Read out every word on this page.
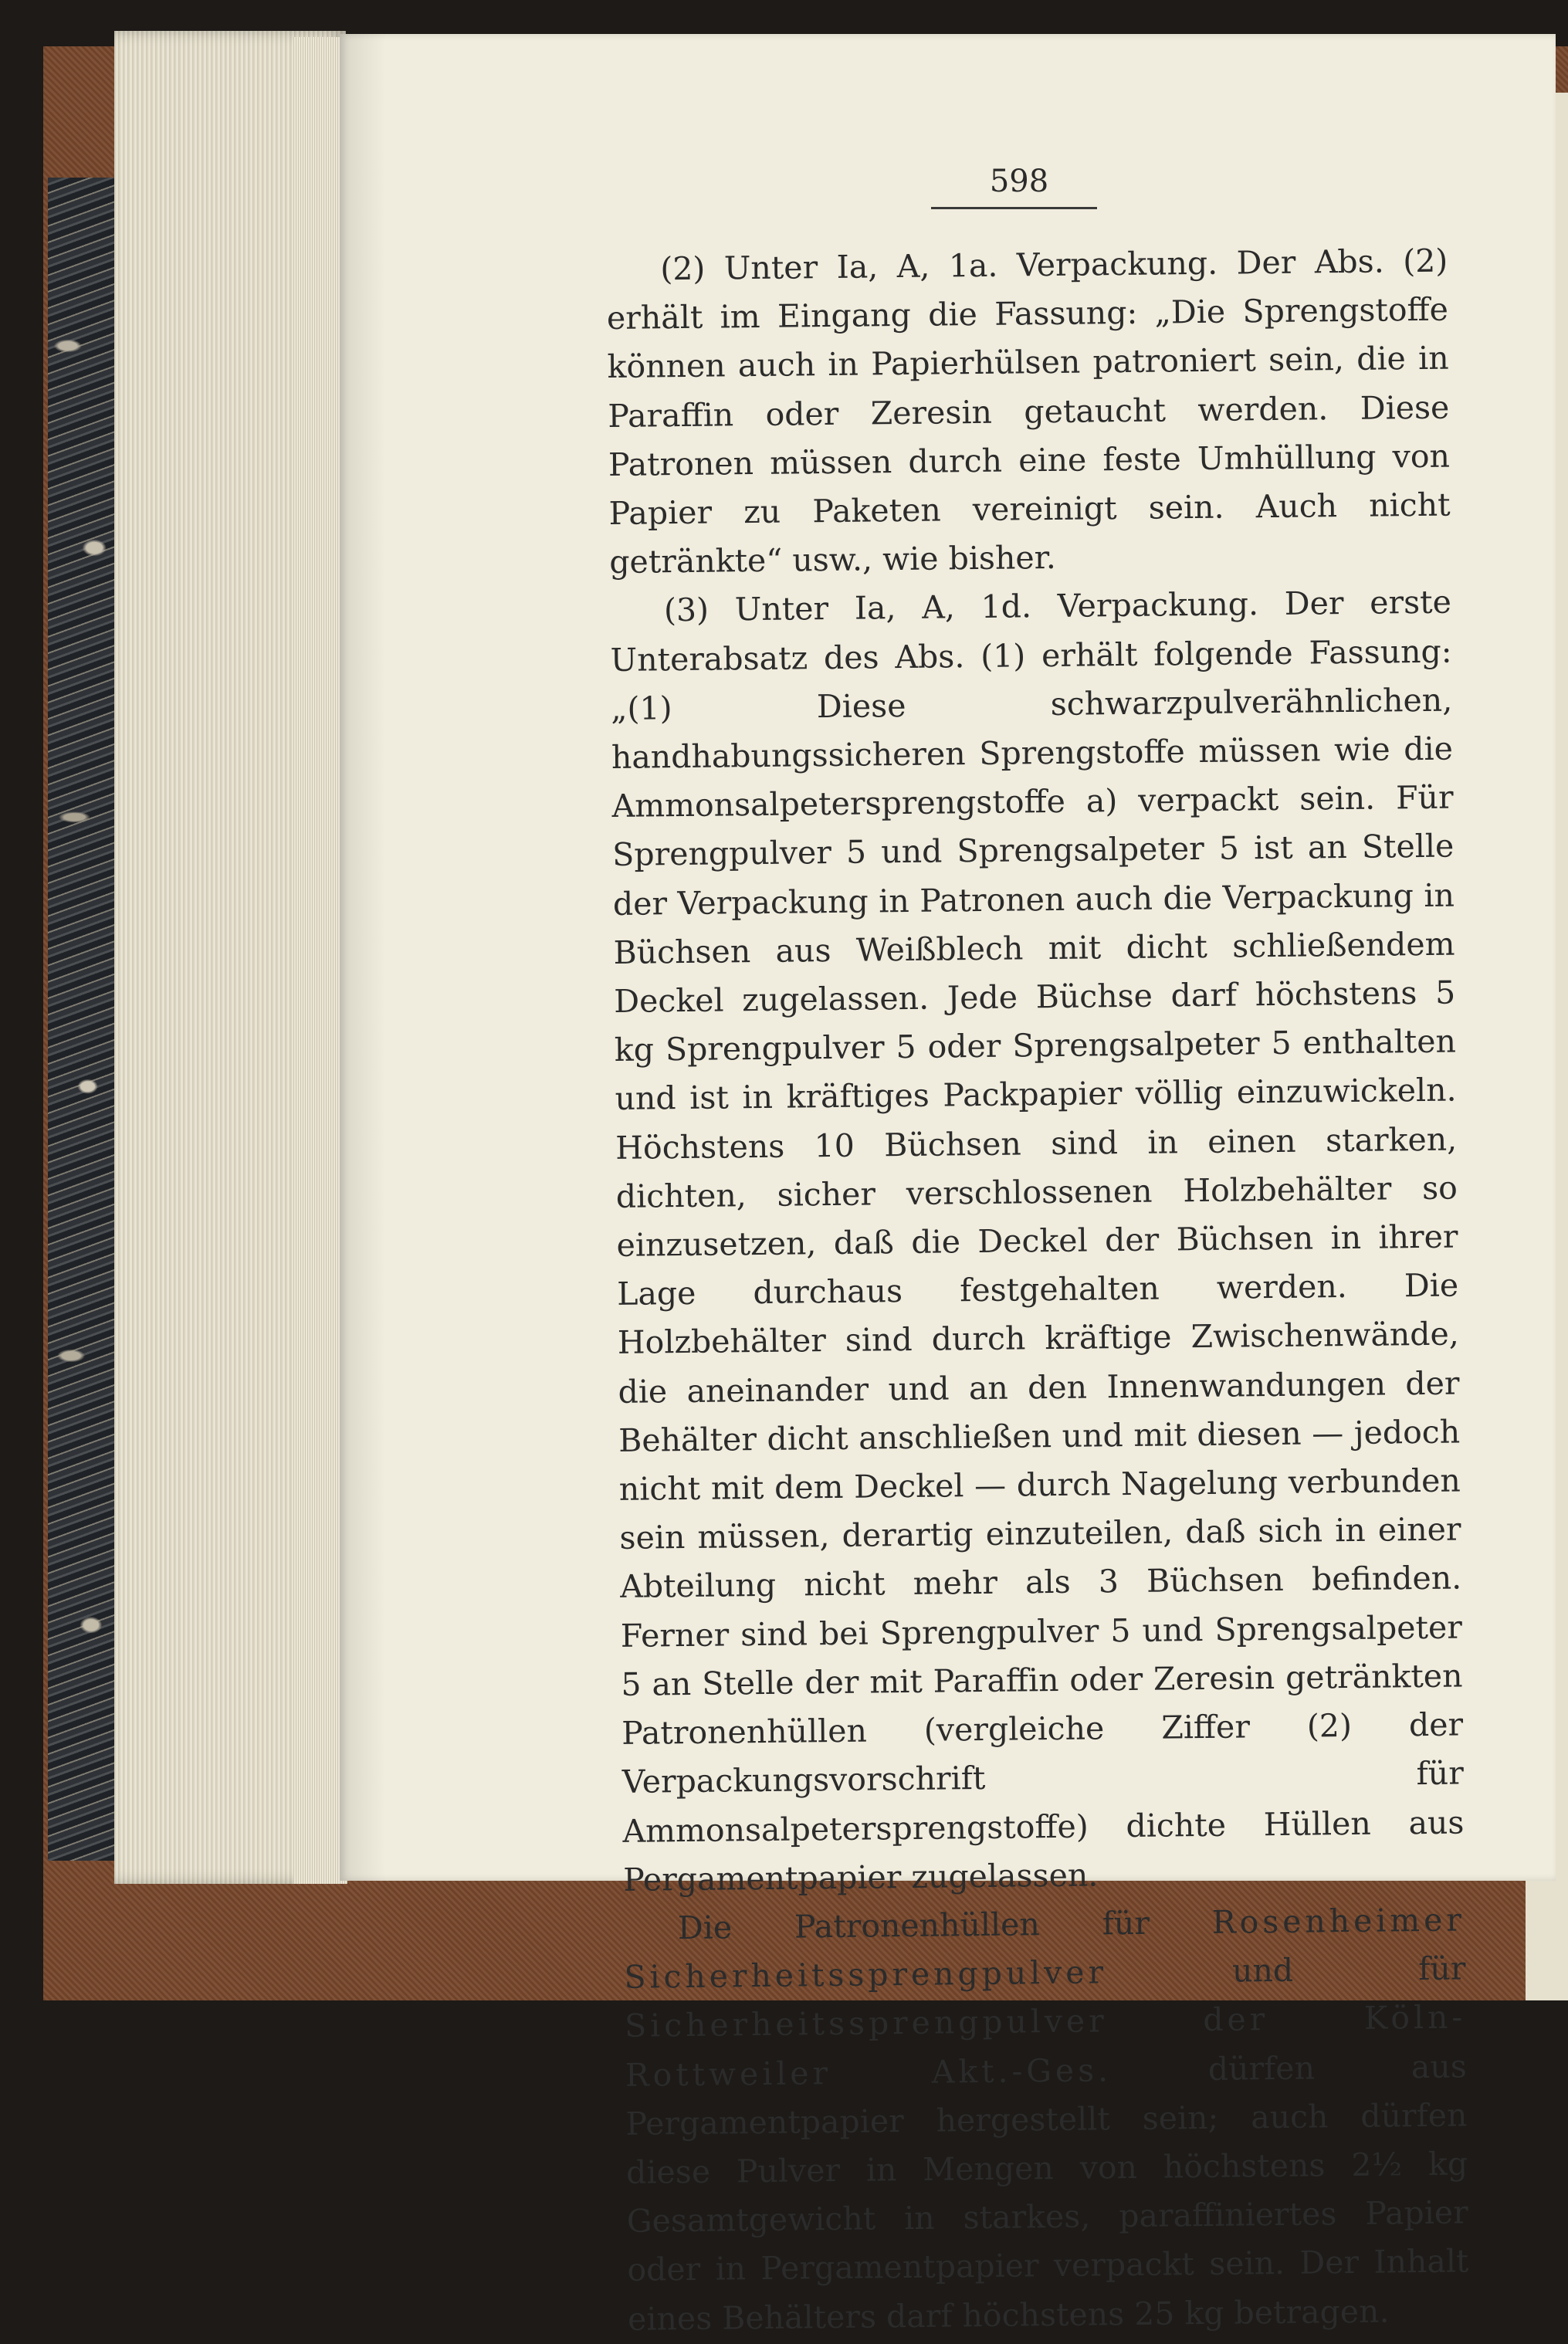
598

(2) Unter Ia, A, 1a. Verpackung. Der Abs. (2) erhält im Eingang die Fassung: „Die Sprengstoffe können auch in Papierhülsen patroniert sein, die in Paraffin oder Zeresin getaucht werden. Diese Patronen müssen durch eine feste Umhüllung von Papier zu Paketen vereinigt sein. Auch nicht getränkte“ usw., wie bisher.

(3) Unter Ia, A, 1d. Verpackung. Der erste Unterabsatz des Abs. (1) erhält folgende Fassung: „(1) Diese schwarzpulverähnlichen, handhabungssicheren Sprengstoffe müssen wie die Ammonsalpetersprengstoffe a) verpackt sein. Für Sprengpulver 5 und Sprengsalpeter 5 ist an Stelle der Verpackung in Patronen auch die Verpackung in Büchsen aus Weißblech mit dicht schließendem Deckel zugelassen. Jede Büchse darf höchstens 5 kg Sprengpulver 5 oder Sprengsalpeter 5 enthalten und ist in kräftiges Packpapier völlig einzuwickeln. Höchstens 10 Büchsen sind in einen starken, dichten, sicher verschlossenen Holzbehälter so einzusetzen, daß die Deckel der Büchsen in ihrer Lage durchaus festgehalten werden. Die Holzbehälter sind durch kräftige Zwischenwände, die aneinander und an den Innenwandungen der Behälter dicht anschließen und mit diesen — jedoch nicht mit dem Deckel — durch Nagelung verbunden sein müssen, derartig einzuteilen, daß sich in einer Abteilung nicht mehr als 3 Büchsen befinden. Ferner sind bei Sprengpulver 5 und Sprengsalpeter 5 an Stelle der mit Paraffin oder Zeresin getränkten Patronenhüllen (vergleiche Ziffer (2) der Verpackungsvorschrift für Ammonsalpetersprengstoffe) dichte Hüllen aus Pergamentpapier zugelassen.

Die Patronenhüllen für Rosenheimer Sicherheitssprengpulver und für Sicherheitssprengpulver der Köln-Rottweiler Akt.-Ges. dürfen aus Pergamentpapier hergestellt sein; auch dürfen diese Pulver in Mengen von höchstens 2½ kg Gesamtgewicht in starkes, paraffiniertes Papier oder in Pergamentpapier verpackt sein. Der Inhalt eines Behälters darf höchstens 25 kg betragen.
